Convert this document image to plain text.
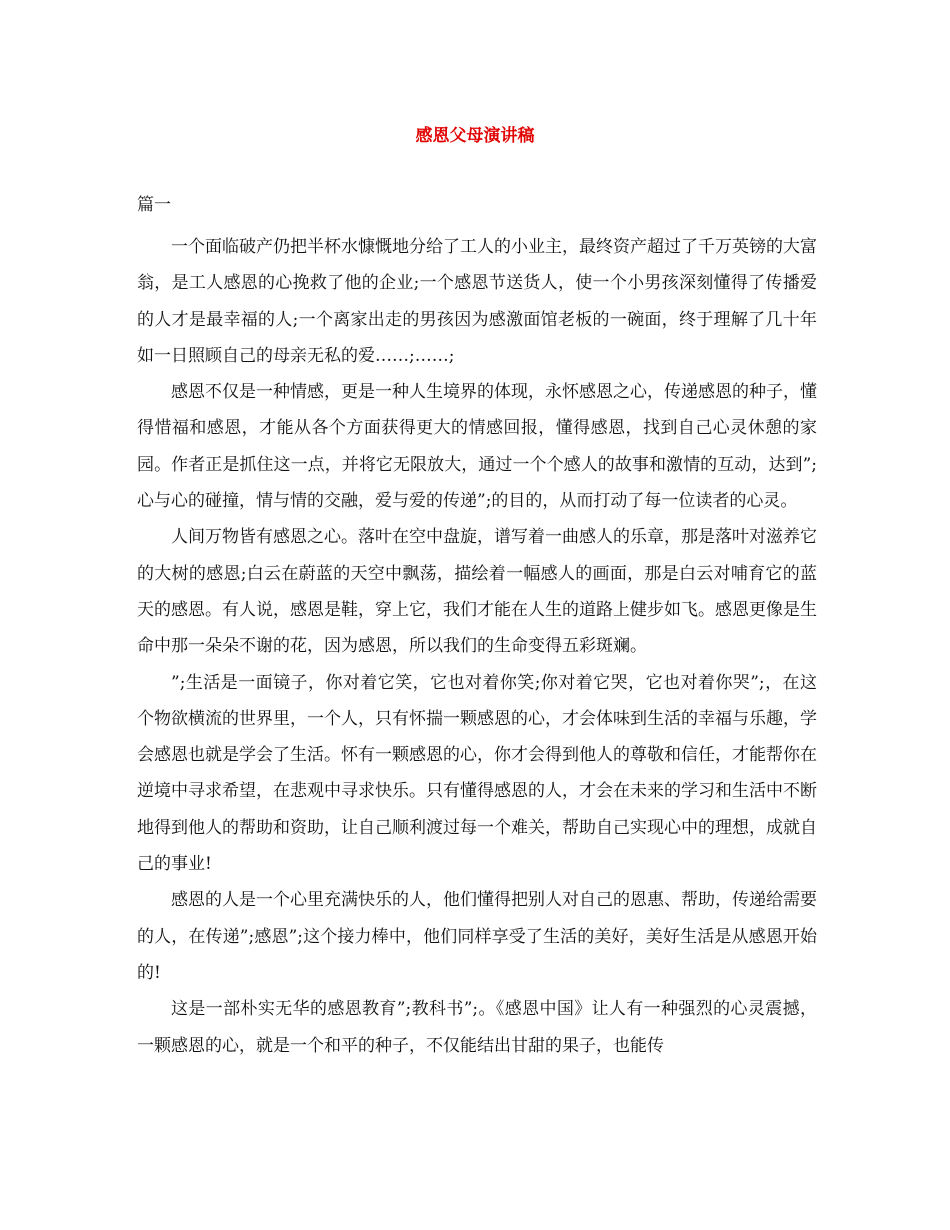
感恩父母演讲稿
篇一

一个面临破产仍把半杯水慷慨地分给了工人的小业主，最终资产超过了千万英镑的大富翁，是工人感恩的心挽救了他的企业;一个感恩节送货人，使一个小男孩深刻懂得了传播爱的人才是最幸福的人;一个离家出走的男孩因为感激面馆老板的一碗面，终于理解了几十年如一日照顾自己的母亲无私的爱……;……;

感恩不仅是一种情感，更是一种人生境界的体现，永怀感恩之心，传递感恩的种子，懂得惜福和感恩，才能从各个方面获得更大的情感回报，懂得感恩，找到自己心灵休憩的家园。作者正是抓住这一点，并将它无限放大，通过一个个感人的故事和激情的互动，达到”;心与心的碰撞，情与情的交融，爱与爱的传递”;的目的，从而打动了每一位读者的心灵。

人间万物皆有感恩之心。落叶在空中盘旋，谱写着一曲感人的乐章，那是落叶对滋养它的大树的感恩;白云在蔚蓝的天空中飘荡，描绘着一幅感人的画面，那是白云对哺育它的蓝天的感恩。有人说，感恩是鞋，穿上它，我们才能在人生的道路上健步如飞。感恩更像是生命中那一朵朵不谢的花，因为感恩，所以我们的生命变得五彩斑斓。

”;生活是一面镜子，你对着它笑，它也对着你笑;你对着它哭，它也对着你哭”;，在这个物欲横流的世界里，一个人，只有怀揣一颗感恩的心，才会体味到生活的幸福与乐趣，学会感恩也就是学会了生活。怀有一颗感恩的心，你才会得到他人的尊敬和信任，才能帮你在逆境中寻求希望，在悲观中寻求快乐。只有懂得感恩的人，才会在未来的学习和生活中不断地得到他人的帮助和资助，让自己顺利渡过每一个难关，帮助自己实现心中的理想，成就自己的事业!

感恩的人是一个心里充满快乐的人，他们懂得把别人对自己的恩惠、帮助，传递给需要的人，在传递”;感恩”;这个接力棒中，他们同样享受了生活的美好，美好生活是从感恩开始的!

这是一部朴实无华的感恩教育”;教科书”;。《感恩中国》让人有一种强烈的心灵震撼，一颗感恩的心，就是一个和平的种子，不仅能结出甘甜的果子，也能传
